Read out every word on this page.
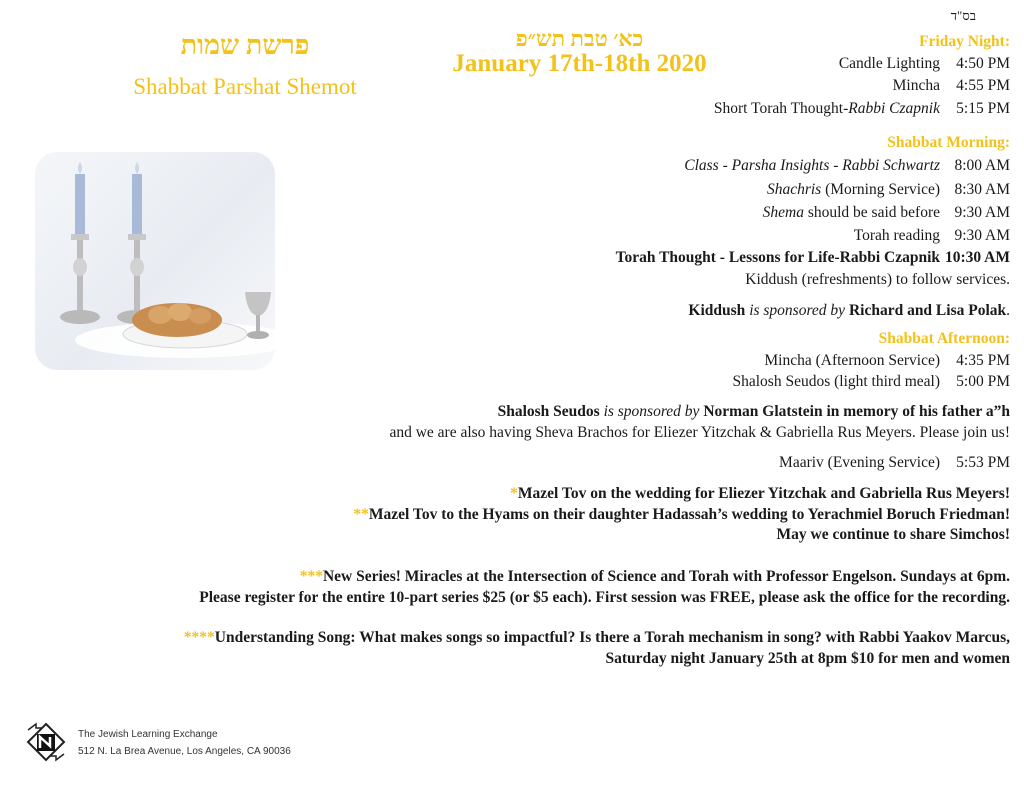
בס"ד
פרשת שמות
Shabbat Parshat Shemot
כא׳ טבת תש״פ
January 17th-18th 2020
Friday Night:
Candle Lighting	4:50 PM
Mincha	4:55 PM
Short Torah Thought-Rabbi Czapnik	5:15 PM
Shabbat Morning:
Class - Parsha Insights - Rabbi Schwartz 8:00 AM
Shachris (Morning Service) 8:30 AM
Shema should be said before 9:30 AM
Torah reading 9:30 AM
Torah Thought - Lessons for Life-Rabbi Czapnik 10:30 AM
Kiddush (refreshments) to follow services.
Kiddush is sponsored by Richard and Lisa Polak.
Shabbat Afternoon:
Mincha (Afternoon Service)	4:35 PM
Shalosh Seudos (light third meal)	5:00 PM
Shalosh Seudos is sponsored by Norman Glatstein in memory of his father a”h
and we are also having Sheva Brachos for Eliezer Yitzchak & Gabriella Rus Meyers. Please join us!
Maariv (Evening Service)	5:53 PM
*Mazel Tov on the wedding for Eliezer Yitzchak and Gabriella Rus Meyers!
**Mazel Tov to the Hyams on their daughter Hadassah’s wedding to Yerachmiel Boruch Friedman!
May we continue to share Simchos!
***New Series! Miracles at the Intersection of Science and Torah with Professor Engelson. Sundays at 6pm.
Please register for the entire 10-part series $25 (or $5 each). First session was FREE, please ask the office for the recording.
****Understanding Song: What makes songs so impactful? Is there a Torah mechanism in song? with Rabbi Yaakov Marcus,
Saturday night January 25th at 8pm $10 for men and women
The Jewish Learning Exchange
512 N. La Brea Avenue, Los Angeles, CA 90036
